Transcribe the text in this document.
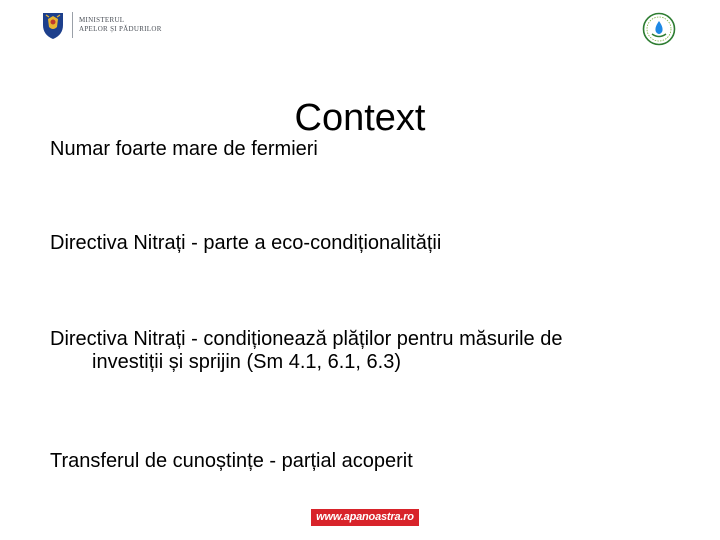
MINISTERUL
APELOR ȘI PĂDURILOR
Context
Numar foarte mare de fermieri
Directiva Nitrați - parte a eco-condiționalității
Directiva Nitrați - condiționează plăților pentru măsurile de
investiții și sprijin (Sm 4.1, 6.1, 6.3)
Transferul de cunoștințe - parțial acoperit
www.apanoastra.ro
